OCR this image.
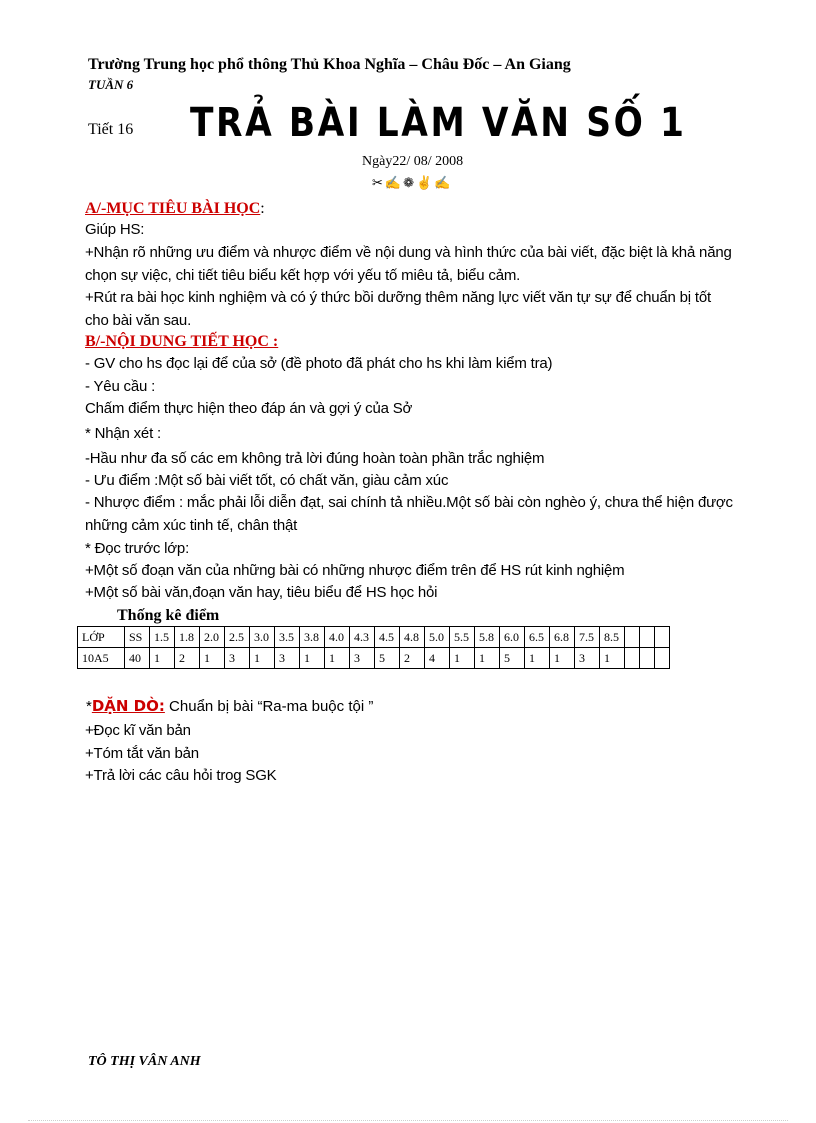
Trường Trung học phổ thông Thủ Khoa Nghĩa – Châu Đốc – An Giang
TUẦN 6
Tiết 16 TRẢ BÀI LÀM VĂN SỐ 1
Ngày22/ 08/ 2008
✂✍❁✌✍
A/-MỤC TIÊU BÀI HỌC:
Giúp HS:
+Nhận rõ những ưu điểm và nhược điểm về nội dung và hình thức của bài viết, đặc biệt là khả năng
chọn sự việc, chi tiết tiêu biểu kết hợp với yếu tố miêu tả, biểu cảm.
+Rút ra bài học kinh nghiệm và có ý thức bồi dưỡng thêm năng lực viết văn tự sự để chuẩn bị tốt
cho bài văn sau.
B/-NỘI DUNG TIẾT HỌC :
- GV cho hs đọc lại để của sở (đề photo đã phát cho hs khi làm kiểm tra)
- Yêu cầu :
Chấm điểm thực hiện theo đáp án và gợi ý của Sở
* Nhận xét :
-Hầu như đa số các em không trả lời đúng hoàn toàn phần trắc nghiệm
- Ưu điểm :Một số bài viết tốt, có chất văn, giàu cảm xúc
- Nhược điểm : mắc phải lỗi diễn đạt, sai chính tả nhiều.Một số bài còn nghèo ý, chưa thể hiện được
những cảm xúc tinh tế, chân thật
* Đọc trước lớp:
+Một số đoạn văn của những bài có những nhược điểm trên để HS rút kinh nghiệm
+Một số bài văn,đoạn văn hay, tiêu biểu để HS học hỏi
Thống kê điểm
LỚP	SS	1.5	1.8	2.0	2.5	3.0	3.5	3.8	4.0	4.3	4.5	4.8	5.0	5.5	5.8	6.0	6.5	6.8	7.5	8.5			
10A5	40	1	2	1	3	1	3	1	1	3	5	2	4	1	1	5	1	1	3	1			
*DẶN DÒ: Chuẩn bị bài “Ra-ma buộc tội ”
+Đọc kĩ văn bản
+Tóm tắt văn bản
+Trả lời các câu hỏi trog SGK
TÔ THỊ VÂN ANH
